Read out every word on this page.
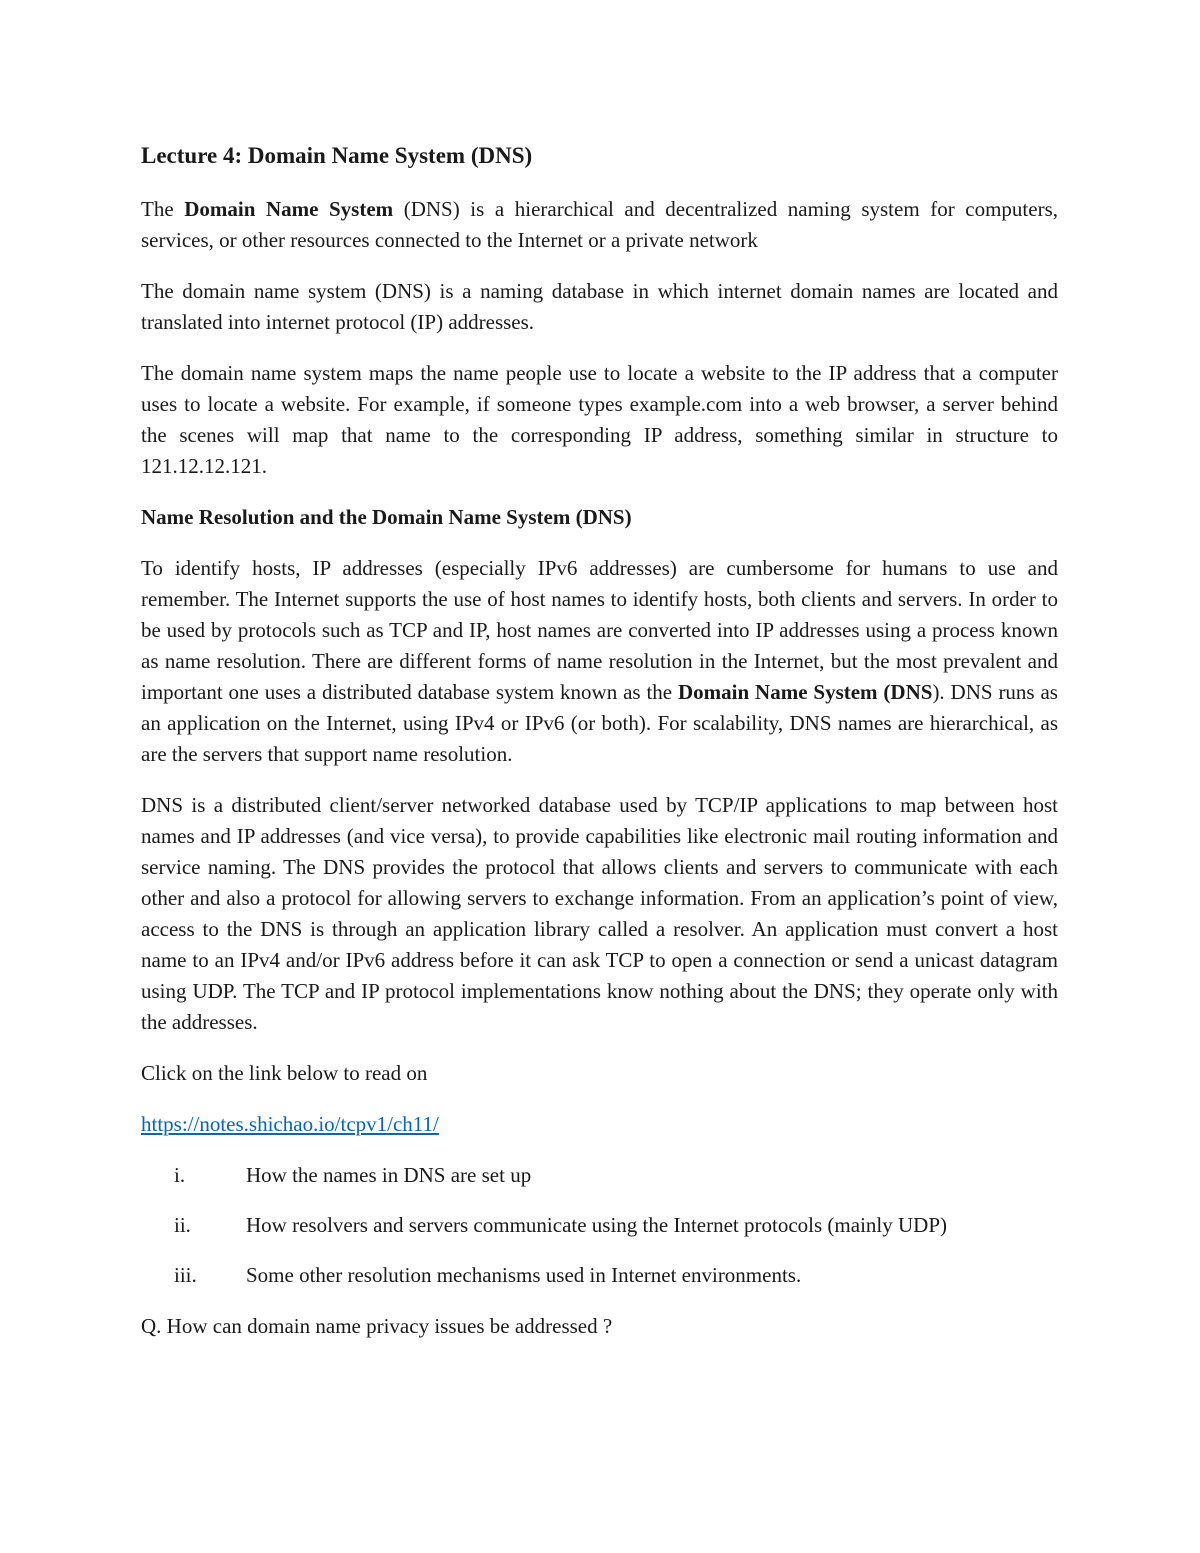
Lecture 4: Domain Name System (DNS)

The Domain Name System (DNS) is a hierarchical and decentralized naming system for computers, services, or other resources connected to the Internet or a private network

The domain name system (DNS) is a naming database in which internet domain names are located and translated into internet protocol (IP) addresses.

The domain name system maps the name people use to locate a website to the IP address that a computer uses to locate a website. For example, if someone types example.com into a web browser, a server behind the scenes will map that name to the corresponding IP address, something similar in structure to 121.12.12.121.

Name Resolution and the Domain Name System (DNS)

To identify hosts, IP addresses (especially IPv6 addresses) are cumbersome for humans to use and remember. The Internet supports the use of host names to identify hosts, both clients and servers. In order to be used by protocols such as TCP and IP, host names are converted into IP addresses using a process known as name resolution. There are different forms of name resolution in the Internet, but the most prevalent and important one uses a distributed database system known as the Domain Name System (DNS). DNS runs as an application on the Internet, using IPv4 or IPv6 (or both). For scalability, DNS names are hierarchical, as are the servers that support name resolution.

DNS is a distributed client/server networked database used by TCP/IP applications to map between host names and IP addresses (and vice versa), to provide capabilities like electronic mail routing information and service naming. The DNS provides the protocol that allows clients and servers to communicate with each other and also a protocol for allowing servers to exchange information. From an application’s point of view, access to the DNS is through an application library called a resolver. An application must convert a host name to an IPv4 and/or IPv6 address before it can ask TCP to open a connection or send a unicast datagram using UDP. The TCP and IP protocol implementations know nothing about the DNS; they operate only with the addresses.

Click on the link below to read on

https://notes.shichao.io/tcpv1/ch11/

i.	How the names in DNS are set up
ii.	How resolvers and servers communicate using the Internet protocols (mainly UDP)
iii.	Some other resolution mechanisms used in Internet environments.

Q. How can domain name privacy issues be addressed ?
